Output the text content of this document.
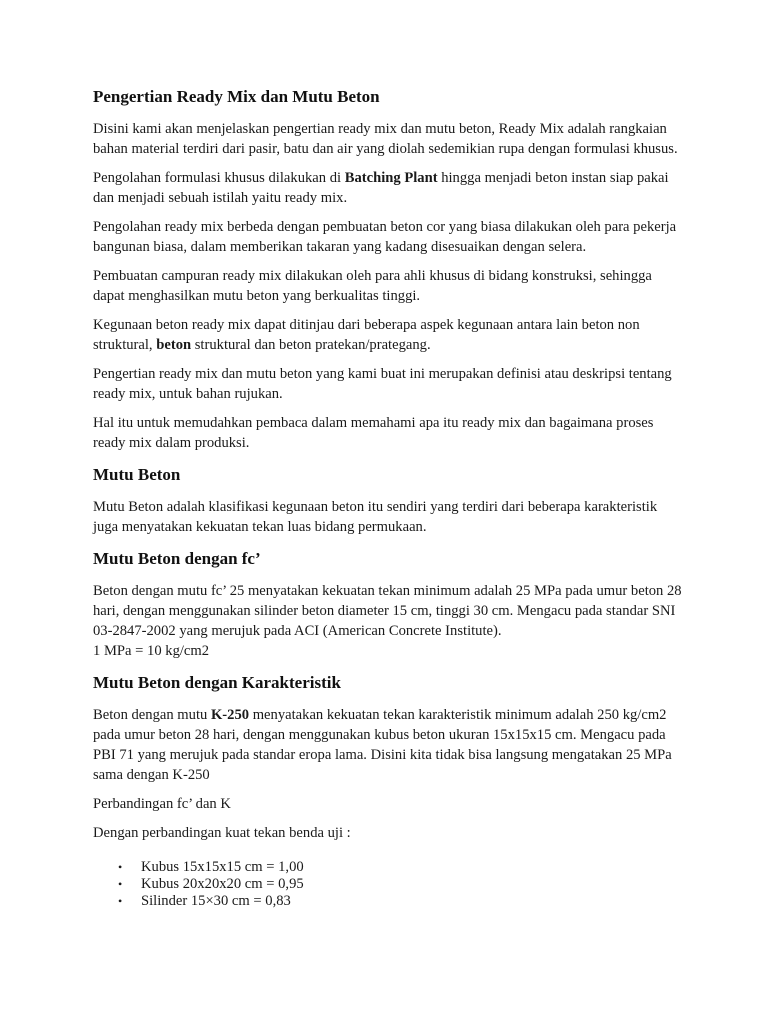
Pengertian Ready Mix dan Mutu Beton

Disini kami akan menjelaskan pengertian ready mix dan mutu beton, Ready Mix adalah rangkaian bahan material terdiri dari pasir, batu dan air yang diolah sedemikian rupa dengan formulasi khusus.

Pengolahan formulasi khusus dilakukan di Batching Plant hingga menjadi beton instan siap pakai dan menjadi sebuah istilah yaitu ready mix.

Pengolahan ready mix berbeda dengan pembuatan beton cor yang biasa dilakukan oleh para pekerja bangunan biasa, dalam memberikan takaran yang kadang disesuaikan dengan selera.

Pembuatan campuran ready mix dilakukan oleh para ahli khusus di bidang konstruksi, sehingga dapat menghasilkan mutu beton yang berkualitas tinggi.

Kegunaan beton ready mix dapat ditinjau dari beberapa aspek kegunaan antara lain beton non struktural, beton struktural dan beton pratekan/prategang.

Pengertian ready mix dan mutu beton yang kami buat ini merupakan definisi atau deskripsi tentang ready mix, untuk bahan rujukan.

Hal itu untuk memudahkan pembaca dalam memahami apa itu ready mix dan bagaimana proses ready mix dalam produksi.

Mutu Beton

Mutu Beton adalah klasifikasi kegunaan beton itu sendiri yang terdiri dari beberapa karakteristik juga menyatakan kekuatan tekan luas bidang permukaan.

Mutu Beton dengan fc’

Beton dengan mutu fc’ 25 menyatakan kekuatan tekan minimum adalah 25 MPa pada umur beton 28 hari, dengan menggunakan silinder beton diameter 15 cm, tinggi 30 cm. Mengacu pada standar SNI 03-2847-2002 yang merujuk pada ACI (American Concrete Institute).
1 MPa = 10 kg/cm2

Mutu Beton dengan Karakteristik

Beton dengan mutu K-250 menyatakan kekuatan tekan karakteristik minimum adalah 250 kg/cm2 pada umur beton 28 hari, dengan menggunakan kubus beton ukuran 15x15x15 cm. Mengacu pada PBI 71 yang merujuk pada standar eropa lama. Disini kita tidak bisa langsung mengatakan 25 MPa sama dengan K-250

Perbandingan fc’ dan K

Dengan perbandingan kuat tekan benda uji :

• Kubus 15x15x15 cm = 1,00
• Kubus 20x20x20 cm = 0,95
• Silinder 15×30 cm = 0,83
